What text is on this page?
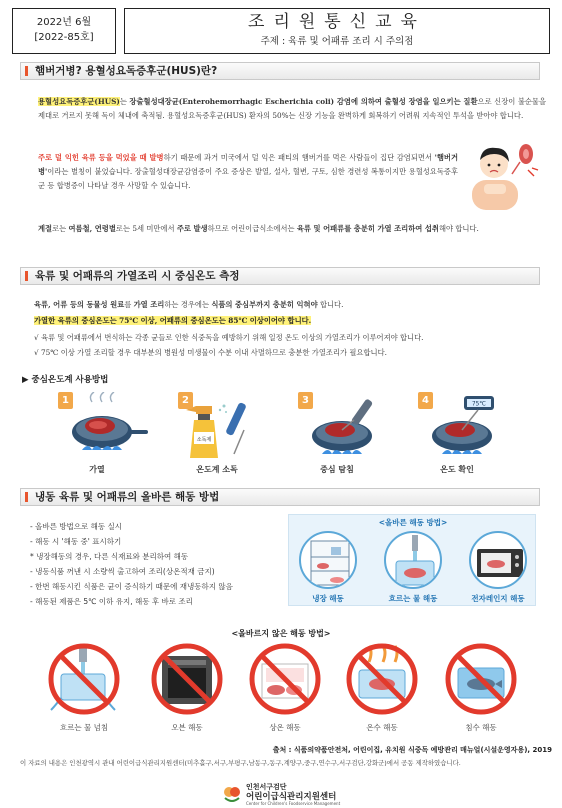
2022년 6월
[2022-85호]
조리원통신교육
주제 : 육류 및 어패류 조리 시 주의점
햄버거병? 용혈성요독증후군(HUS)란?
용혈성요독증후군(HUS)는 장출혈성대장균(Enterohemorrhagic Escherichia coli) 감염에 의하여 출혈성 장염을 일으키는 질환으로 신장이 불순물을 제대로 거르지 못해 독이 체내에 축적됨. 용혈성요독증후군(HUS) 환자의 50%는 신장 기능을 완벽하게 회복하기 어려워 지속적인 투석을 받아야 합니다.
주로 덜 익힌 육류 등을 먹었을 때 발병하기 때문에 과거 미국에서 덜 익은 패티의 햄버거를 먹은 사람들이 집단 감염되면서 '햄버거병'이라는 별칭이 붙었습니다. 장출혈성대장균감염증이 주요 증상은 발열, 설사, 혈변, 구토, 심한 경련성 복통이지만 용혈성요독증후군 등 합병증이 나타날 경우 사망할 수 있습니다.
계절로는 여름철, 연령별로는 5세 미만에서 주로 발생하므로 어린이급식소에서는 육류 및 어패류를 충분히 가열 조리하여 섭취해야 합니다.
육류 및 어패류의 가열조리 시 중심온도 측정
육류, 어류 등의 동물성 원료를 가열 조리하는 경우에는 식품의 중심부까지 충분히 익혀야 합니다.
가열한 육류의 중심온도는 75℃ 이상, 어패류의 중심온도는 85℃ 이상이어야 합니다.
√ 육류 및 어패류에서 번식하는 각종 균들로 인한 식중독을 예방하기 위해 일정 온도 이상의 가열조리가 이루어져야 합니다.
√ 75℃ 이상 가열 조리할 경우 대부분의 병원성 미생물이 수분 이내 사멸하므로 충분한 가열조리가 필요합니다.
▶ 중심온도계 사용방법
1
가열
2
소독제
온도계 소독
3
중심 탐침
4	75℃
온도 확인
냉동 육류 및 어패류의 올바른 해동 방법
- 올바른 방법으로 해동 실시
- 해동 시 '해동 중' 표시하기
* 냉장해동의 경우, 다른 식재료와 분리하여 해동
- 냉동식품 꺼낸 시 소량씩 출고하여 조리(상온적재 금지)
- 한번 해동시킨 식품은 균이 증식하기 때문에 재냉동하지 않음
- 해동된 제품은 5℃ 이하 유지, 해동 후 바로 조리
<올바른 해동 방법>
냉장 해동	흐르는 물 해동	전자레인지 해동
<올바르지 않은 해동 방법>
흐르는 물 넘침	오븐 해동	상온 해동	온수 해동	침수 해동
출처 : 식품의약품안전처, 어린이집, 유치원 식중독 예방관리 매뉴얼(시설운영자용), 2019
이 자료의 내용은 인천광역시 관내 어린이급식관리지원센터(미추홀구,서구,부평구,남동구,동구,계양구,중구,연수구,서구검단,강화군)에서 공동 제작하였습니다.
인천서구검단
어린이급식관리지원센터
Center for Children's Foodservice Management
